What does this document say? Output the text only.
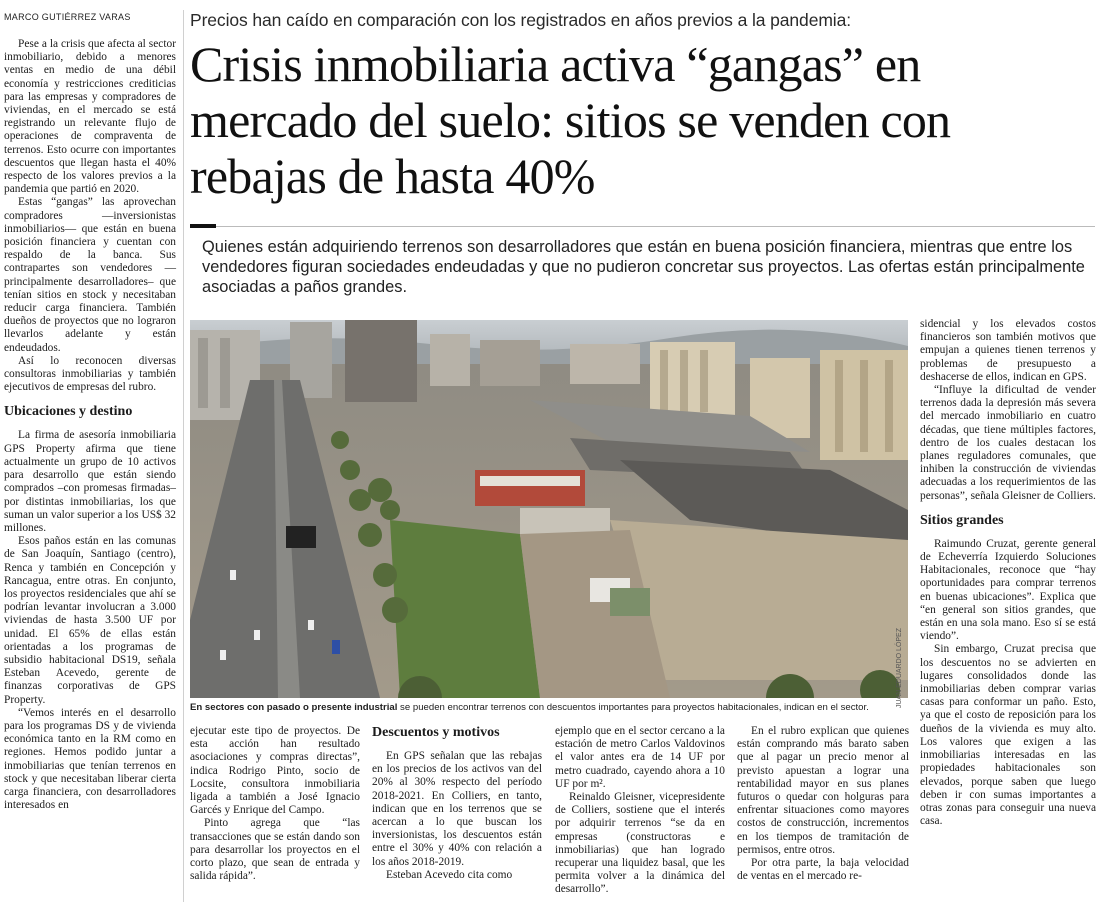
MARCO GUTIÉRREZ VARAS

Pese a la crisis que afecta al sector inmobiliario, debido a menores ventas en medio de una débil economía y restricciones crediticias para las empresas y compradores de viviendas, en el mercado se está registrando un relevante flujo de operaciones de compraventa de terrenos. Esto ocurre con importantes descuentos que llegan hasta el 40% respecto de los valores previos a la pandemia que partió en 2020.

Estas “gangas” las aprovechan compradores —inversionistas inmobiliarios— que están en buena posición financiera y cuentan con respaldo de la banca. Sus contrapartes son vendedores —principalmente desarrolladores– que tenían sitios en stock y necesitaban reducir carga financiera. También dueños de proyectos que no lograron llevarlos adelante y están endeudados.

Así lo reconocen diversas consultoras inmobiliarias y también ejecutivos de empresas del rubro.

Ubicaciones y destino

La firma de asesoría inmobiliaria GPS Property afirma que tiene actualmente un grupo de 10 activos para desarrollo que están siendo comprados –con promesas firmadas– por distintas inmobiliarias, los que suman un valor superior a los US$ 32 millones.

Esos paños están en las comunas de San Joaquín, Santiago (centro), Renca y también en Concepción y Rancagua, entre otras. En conjunto, los proyectos residenciales que ahí se podrían levantar involucran a 3.000 viviendas de hasta 3.500 UF por unidad. El 65% de ellas están orientadas a los programas de subsidio habitacional DS19, señala Esteban Acevedo, gerente de finanzas corporativas de GPS Property.

“Vemos interés en el desarrollo para los programas DS y de vivienda económica tanto en la RM como en regiones. Hemos podido juntar a inmobiliarias que tenían terrenos en stock y que necesitaban liberar cierta carga financiera, con desarrolladores interesados en

Precios han caído en comparación con los registrados en años previos a la pandemia:
Crisis inmobiliaria activa “gangas” en mercado del suelo: sitios se venden con rebajas de hasta 40%
Quienes están adquiriendo terrenos son desarrolladores que están en buena posición financiera, mientras que entre los vendedores figuran sociedades endeudadas y que no pudieron concretar sus proyectos. Las ofertas están principalmente asociadas a paños grandes.
JUAN EDUARDO LÓPEZ
En sectores con pasado o presente industrial se pueden encontrar terrenos con descuentos importantes para proyectos habitacionales, indican en el sector.

ejecutar este tipo de proyectos. De esta acción han resultado asociaciones y compras directas”, indica Rodrigo Pinto, socio de Locsite, consultora inmobiliaria ligada a también a José Ignacio Garcés y Enrique del Campo.

Pinto agrega que “las transacciones que se están dando son para desarrollar los proyectos en el corto plazo, que sean de entrada y salida rápida”.

Descuentos y motivos

En GPS señalan que las rebajas en los precios de los activos van del 20% al 30% respecto del período 2018-2021. En Colliers, en tanto, indican que en los terrenos que se acercan a lo que buscan los inversionistas, los descuentos están entre el 30% y 40% con relación a los años 2018-2019.

Esteban Acevedo cita como

ejemplo que en el sector cercano a la estación de metro Carlos Valdovinos el valor antes era de 14 UF por metro cuadrado, cayendo ahora a 10 UF por m².

Reinaldo Gleisner, vicepresidente de Colliers, sostiene que el interés por adquirir terrenos “se da en empresas (constructoras e inmobiliarias) que han logrado recuperar una liquidez basal, que les permita volver a la dinámica del desarrollo”.

En el rubro explican que quienes están comprando más barato saben que al pagar un precio menor al previsto apuestan a lograr una rentabilidad mayor en sus planes futuros o quedar con holguras para enfrentar situaciones como mayores costos de construcción, incrementos en los tiempos de tramitación de permisos, entre otros.

Por otra parte, la baja velocidad de ventas en el mercado re-

sidencial y los elevados costos financieros son también motivos que empujan a quienes tienen terrenos y problemas de presupuesto a deshacerse de ellos, indican en GPS.

“Influye la dificultad de vender terrenos dada la depresión más severa del mercado inmobiliario en cuatro décadas, que tiene múltiples factores, dentro de los cuales destacan los planes reguladores comunales, que inhiben la construcción de viviendas adecuadas a los requerimientos de las personas”, señala Gleisner de Colliers.

Sitios grandes

Raimundo Cruzat, gerente general de Echeverría Izquierdo Soluciones Habitacionales, reconoce que “hay oportunidades para comprar terrenos en buenas ubicaciones”. Explica que “en general son sitios grandes, que están en una sola mano. Eso sí se está viendo”.

Sin embargo, Cruzat precisa que los descuentos no se advierten en lugares consolidados donde las inmobiliarias deben comprar varias casas para conformar un paño. Esto, ya que el costo de reposición para los dueños de la vivienda es muy alto. Los valores que exigen a las inmobiliarias interesadas en las propiedades habitacionales son elevados, porque saben que luego deben ir con sumas importantes a otras zonas para conseguir una nueva casa.
